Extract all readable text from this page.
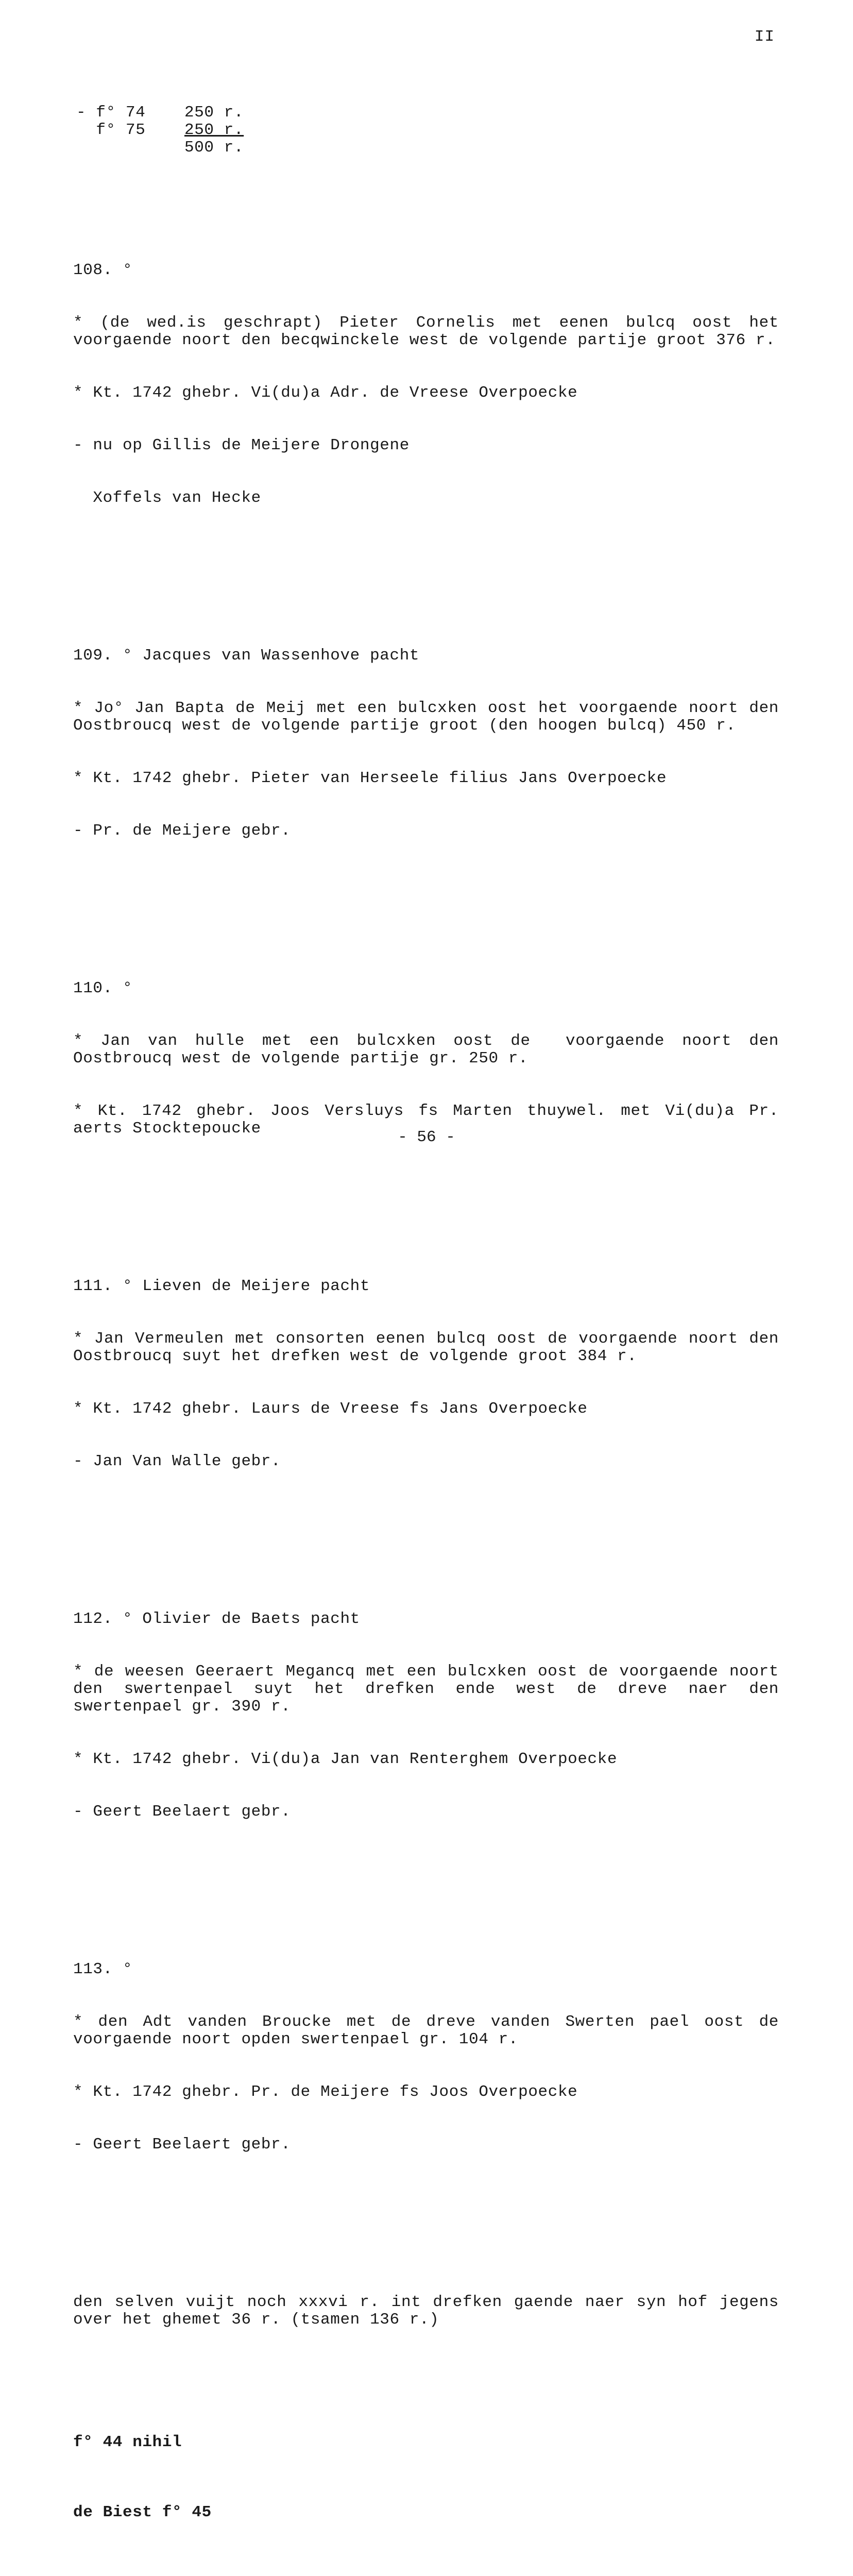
II

- f° 74	250 r.
f° 75	250 r.
500 r.

108. °

* (de wed.is geschrapt) Pieter Cornelis met eenen bulcq oost het voorgaende noort den becqwinckele west de volgende partije groot 376 r.

* Kt. 1742 ghebr. Vi(du)a Adr. de Vreese Overpoecke

- nu op Gillis de Meijere Drongene

Xoffels van Hecke

109. ° Jacques van Wassenhove pacht

* Jo° Jan Bapta de Meij met een bulcxken oost het voorgaende noort den Oostbroucq west de volgende partije groot (den hoogen bulcq) 450 r.

* Kt. 1742 ghebr. Pieter van Herseele filius Jans Overpoecke

- Pr. de Meijere gebr.

110. °

* Jan van hulle met een bulcxken oost de  voorgaende noort den Oostbroucq west de volgende partije gr. 250 r.

* Kt. 1742 ghebr. Joos Versluys fs Marten thuywel. met Vi(du)a Pr. aerts Stocktepoucke

111. ° Lieven de Meijere pacht

* Jan Vermeulen met consorten eenen bulcq oost de voorgaende noort den Oostbroucq suyt het drefken west de volgende groot 384 r.

* Kt. 1742 ghebr. Laurs de Vreese fs Jans Overpoecke

- Jan Van Walle gebr.

112. ° Olivier de Baets pacht

* de weesen Geeraert Megancq met een bulcxken oost de voorgaende noort den swertenpael suyt het drefken ende west de dreve naer den swertenpael gr. 390 r.

* Kt. 1742 ghebr. Vi(du)a Jan van Renterghem Overpoecke

- Geert Beelaert gebr.

113. °

* den Adt vanden Broucke met de dreve vanden Swerten pael oost de voorgaende noort opden swertenpael gr. 104 r.

* Kt. 1742 ghebr. Pr. de Meijere fs Joos Overpoecke

- Geert Beelaert gebr.

den selven vuijt noch xxxvi r. int drefken gaende naer syn hof jegens over het ghemet 36 r. (tsamen 136 r.)

f° 44 nihil

de Biest f° 45

- 56 -
